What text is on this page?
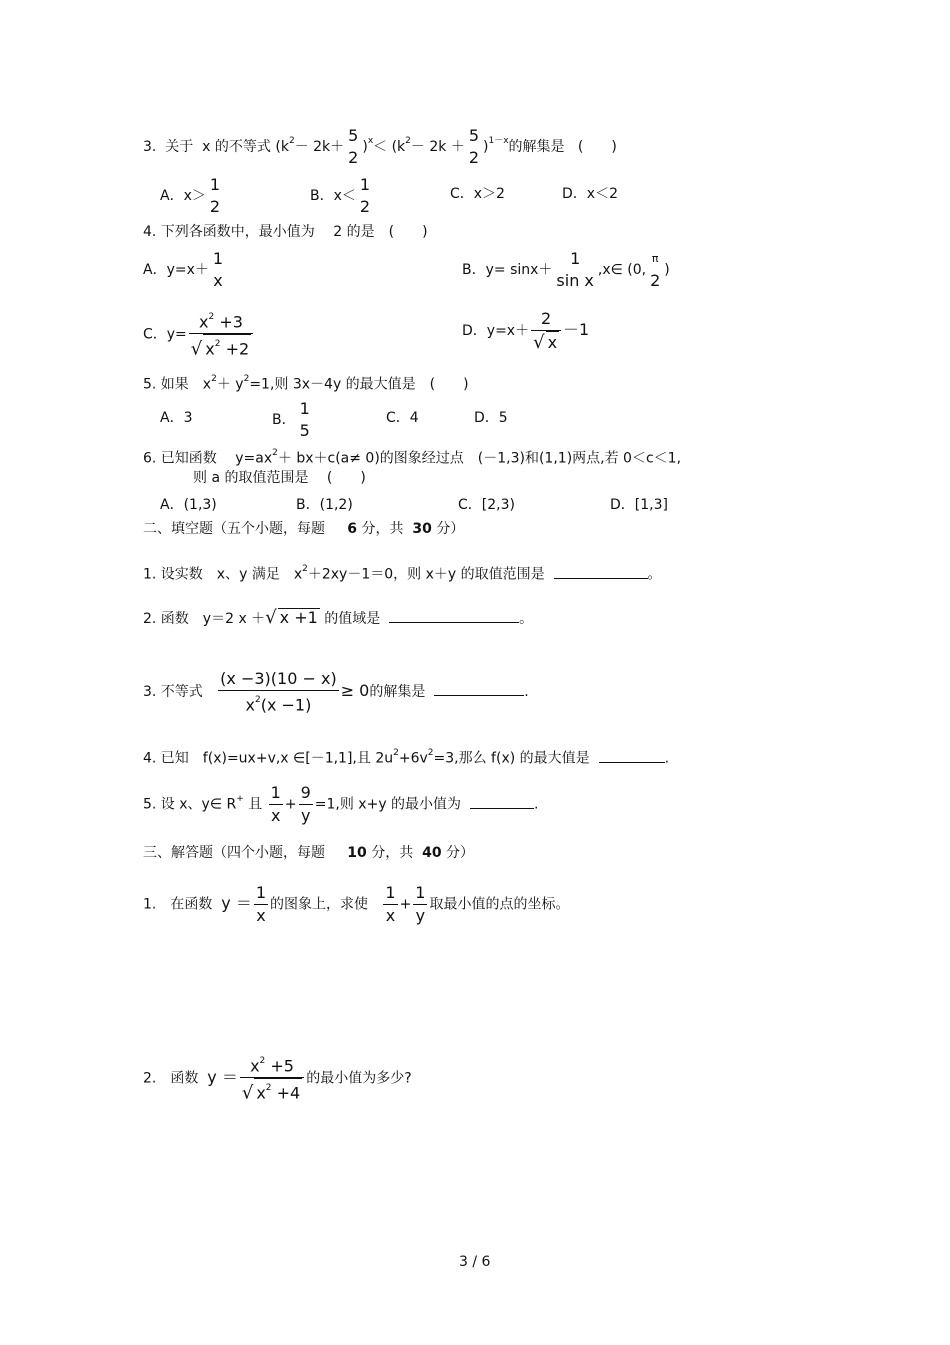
3. 关于 x 的不等式 ($k^2- 2k+$
5
2
)$^x< (k^2- 2k$ ＋
5
2
)$^{1-x}$的解集是 (　　)
A．x＞
1
2
B．x＜
1
2
C．x＞2	D．x＜2
4. 下列各函数中，最小值为　 2 的是　(　　)
A．y=x＋
1
x
B．y= sinx＋
1
sin x
,x∈ (0,
π
2
)
C．$y= \frac{x^2 +3}{√ x^2 +2}$	D．$y=x+ \frac{2}{√ x} -1$
5. 如果　$x^2+ y^2=1$,则 3x－4y 的最大值是　(　　)
A．3	B．
1
5
C．4	D．5
6. 已知函数　 $y=ax^2+ bx+c(a\ne 0)$的图象经过点　(－1,3)和(1,1)两点,若 0＜c＜1,
则 a 的取值范围是　 (　　)
A．(1,3)	B．(1,2)	C．[2,3)	D．[1,3]
二、填空题（五个小题，每题 6 分，共 30 分）
1. 设实数　x、y 满足　$x^2+2xy-1=0$，则 x＋y 的取值范围是	。
2. 函数　y＝2 x ＋√ x +1 的值域是	。
3. 不等式 $\frac{(x -3)(10 - x)}{x^2(x -1)} \ge 0$的解集是	.
4. 已知　f(x)=ux+v,x ∈[－1,1],且 $2u^2+6v^2=3$,那么 f(x) 的最大值是	.
5. 设 x、y∈ R+ 且 $\frac{1}{x} + \frac{9}{y} =1$,则 x+y 的最小值为	.
三、解答题（四个小题，每题 10 分，共 40 分）
1.　在函数 $y = \frac{1}{x}$ 的图象上，求使 $\frac{1}{x} + \frac{1}{y}$ 取最小值的点的坐标。
2.　函数 $y = \frac{x^2 +5}{√ x^2 +4}$ 的最小值为多少?
3 / 6
